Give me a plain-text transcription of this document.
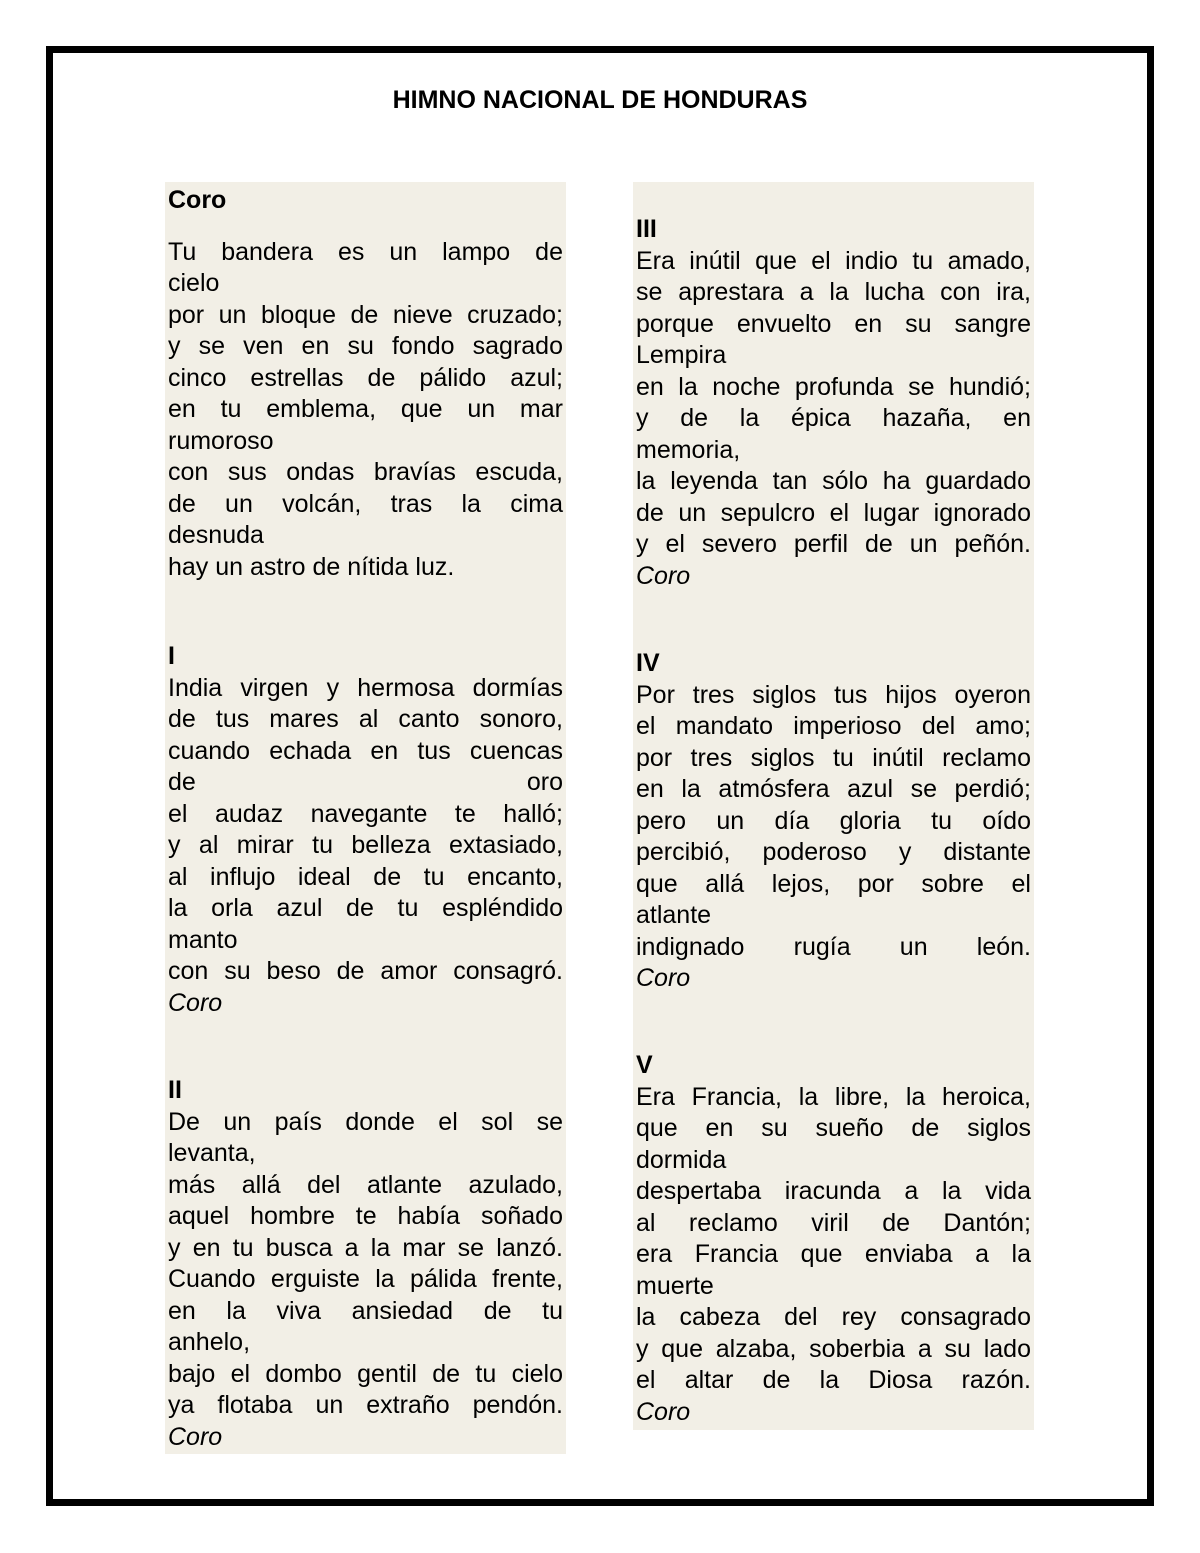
HIMNO NACIONAL DE HONDURAS
Coro
Tu bandera es un lampo de
cielo
por un bloque de nieve cruzado;
y se ven en su fondo sagrado
cinco estrellas de pálido azul;
en tu emblema, que un mar
rumoroso
con sus ondas bravías escuda,
de un volcán, tras la cima
desnuda
hay un astro de nítida luz.
I
India virgen y hermosa dormías
de tus mares al canto sonoro,
cuando echada en tus cuencas
de oro
el audaz navegante te halló;
y al mirar tu belleza extasiado,
al influjo ideal de tu encanto,
la orla azul de tu espléndido
manto
con su beso de amor consagró.
Coro
II
De un país donde el sol se
levanta,
más allá del atlante azulado,
aquel hombre te había soñado
y en tu busca a la mar se lanzó.
Cuando erguiste la pálida frente,
en la viva ansiedad de tu
anhelo,
bajo el dombo gentil de tu cielo
ya flotaba un extraño pendón.
Coro
III
Era inútil que el indio tu amado,
se aprestara a la lucha con ira,
porque envuelto en su sangre
Lempira
en la noche profunda se hundió;
y de la épica hazaña, en
memoria,
la leyenda tan sólo ha guardado
de un sepulcro el lugar ignorado
y el severo perfil de un peñón.
Coro
IV
Por tres siglos tus hijos oyeron
el mandato imperioso del amo;
por tres siglos tu inútil reclamo
en la atmósfera azul se perdió;
pero un día gloria tu oído
percibió, poderoso y distante
que allá lejos, por sobre el
atlante
indignado rugía un león.
Coro
V
Era Francia, la libre, la heroica,
que en su sueño de siglos
dormida
despertaba iracunda a la vida
al reclamo viril de Dantón;
era Francia que enviaba a la
muerte
la cabeza del rey consagrado
y que alzaba, soberbia a su lado
el altar de la Diosa razón.
Coro
